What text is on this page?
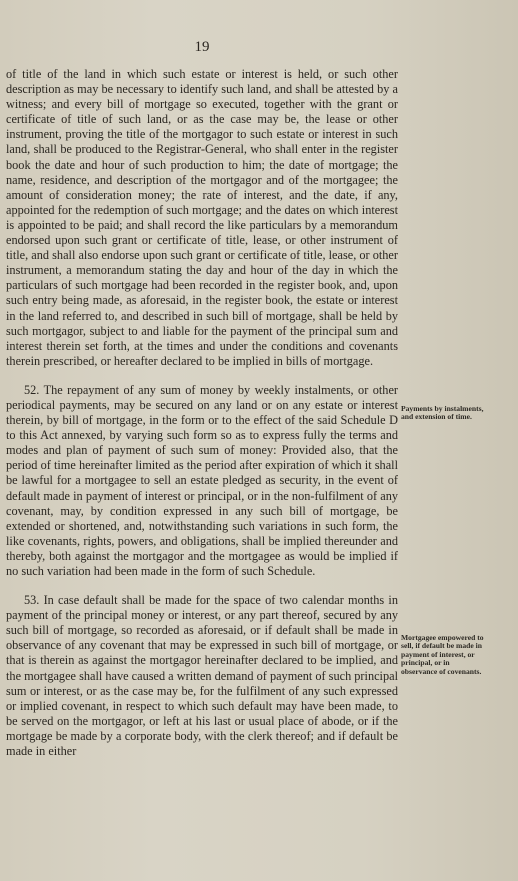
19

of title of the land in which such estate or interest is held, or such other description as may be necessary to identify such land, and shall be attested by a witness; and every bill of mortgage so executed, together with the grant or certificate of title of such land, or as the case may be, the lease or other instrument, proving the title of the mortgagor to such estate or interest in such land, shall be produced to the Registrar-General, who shall enter in the register book the date and hour of such production to him; the date of mortgage; the name, residence, and description of the mortgagor and of the mortgagee; the amount of consideration money; the rate of interest, and the date, if any, appointed for the redemption of such mortgage; and the dates on which interest is appointed to be paid; and shall record the like particulars by a memorandum endorsed upon such grant or certificate of title, lease, or other instrument of title, and shall also endorse upon such grant or certificate of title, lease, or other instrument, a memorandum stating the day and hour of the day in which the particulars of such mortgage had been recorded in the register book, and, upon such entry being made, as aforesaid, in the register book, the estate or interest in the land referred to, and described in such bill of mortgage, shall be held by such mortgagor, subject to and liable for the payment of the principal sum and interest therein set forth, at the times and under the conditions and covenants therein prescribed, or hereafter declared to be implied in bills of mortgage.

52. The repayment of any sum of money by weekly instalments, or other periodical payments, may be secured on any land or on any estate or interest therein, by bill of mortgage, in the form or to the effect of the said Schedule D to this Act annexed, by varying such form so as to express fully the terms and modes and plan of payment of such sum of money: Provided also, that the period of time hereinafter limited as the period after expiration of which it shall be lawful for a mortgagee to sell an estate pledged as security, in the event of default made in payment of interest or principal, or in the non-fulfilment of any covenant, may, by condition expressed in any such bill of mortgage, be extended or shortened, and, notwithstanding such variations in such form, the like covenants, rights, powers, and obligations, shall be implied thereunder and thereby, both against the mortgagor and the mortgagee as would be implied if no such variation had been made in the form of such Schedule.

53. In case default shall be made for the space of two calendar months in payment of the principal money or interest, or any part thereof, secured by any such bill of mortgage, so recorded as aforesaid, or if default shall be made in observance of any covenant that may be expressed in such bill of mortgage, or that is therein as against the mortgagor hereinafter declared to be implied, and the mortgagee shall have caused a written demand of payment of such principal sum or interest, or as the case may be, for the fulfilment of any such expressed or implied covenant, in respect to which such default may have been made, to be served on the mortgagor, or left at his last or usual place of abode, or if the mortgage be made by a corporate body, with the clerk thereof; and if default be made in either

Payments by instalments, and extension of time.
Mortgagee empowered to sell, if default be made in payment of interest, or principal, or in observance of covenants.
